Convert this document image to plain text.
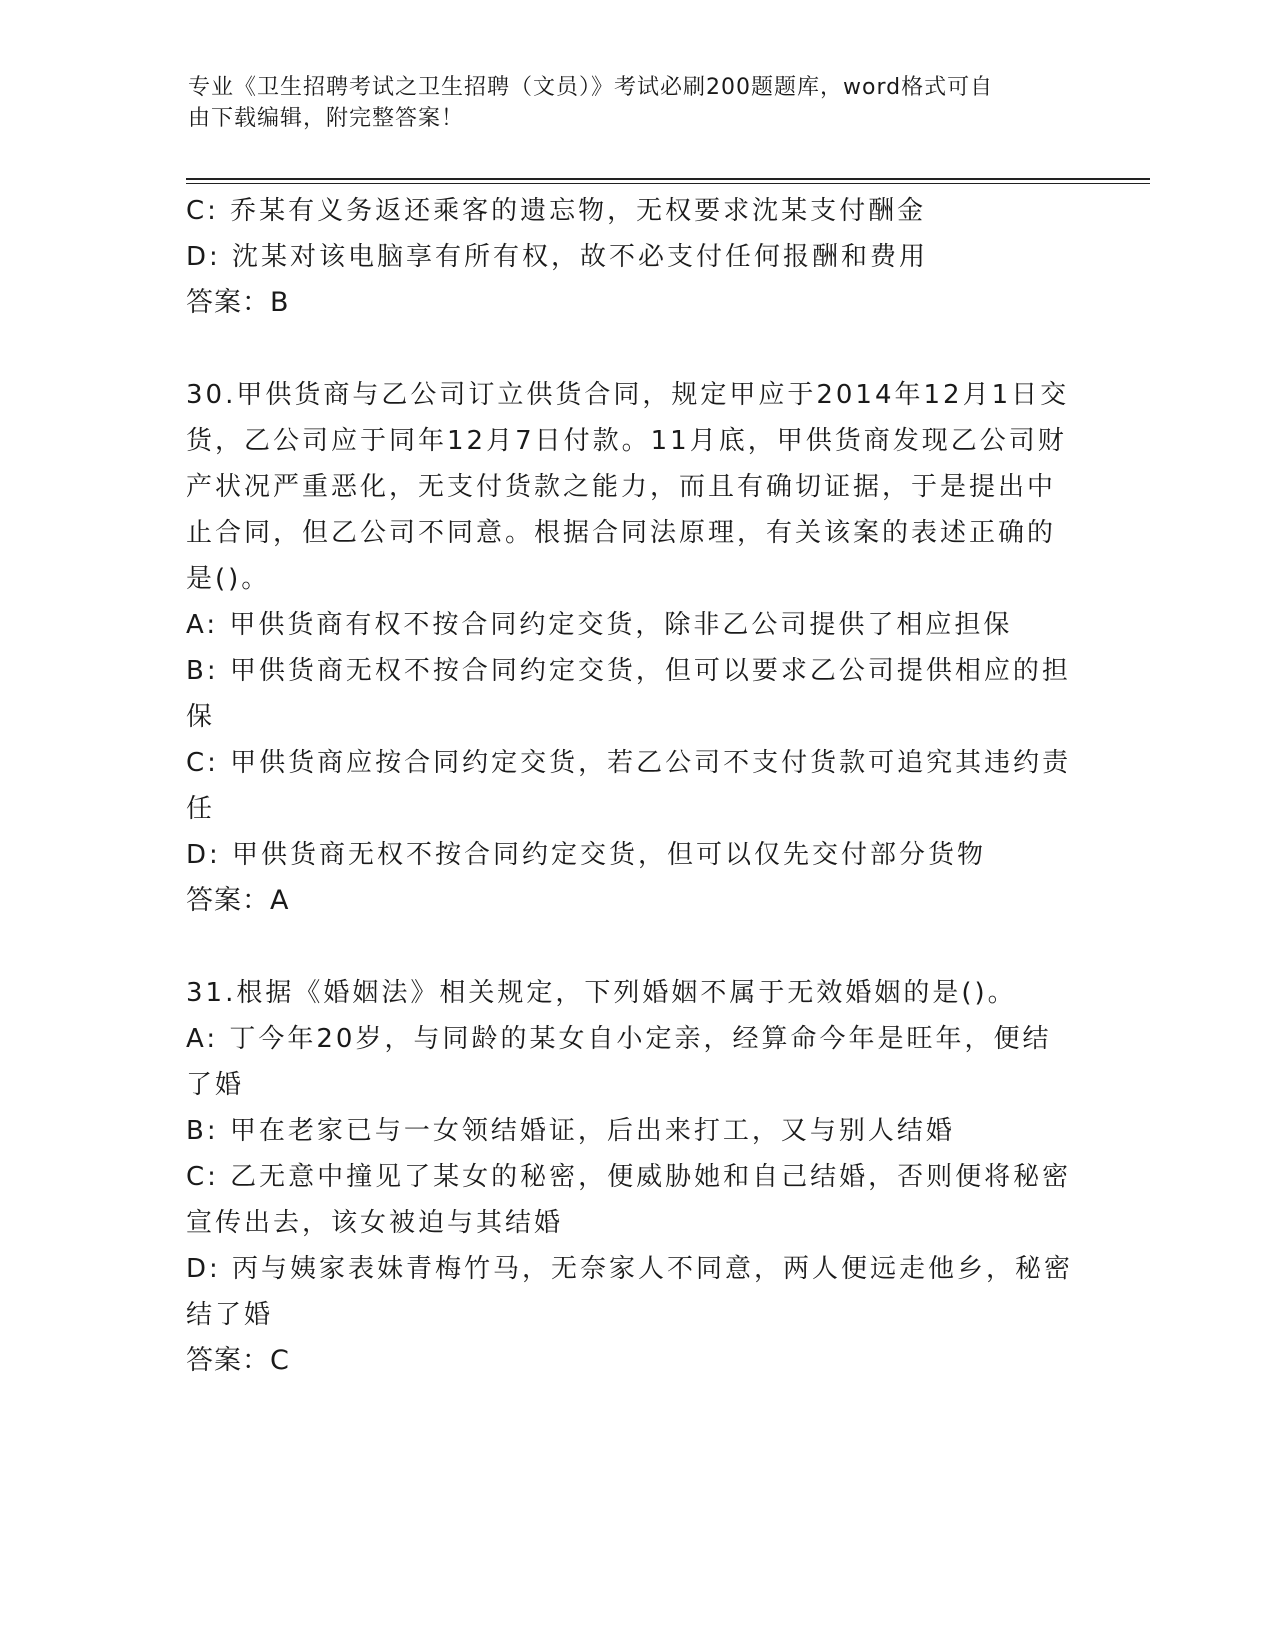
专业《卫生招聘考试之卫生招聘（文员）》考试必刷200题题库，word格式可自
由下载编辑，附完整答案！
C: 乔某有义务返还乘客的遗忘物，无权要求沈某支付酬金
D: 沈某对该电脑享有所有权，故不必支付任何报酬和费用
答案：B
30.甲供货商与乙公司订立供货合同，规定甲应于2014年12月1日交
货，乙公司应于同年12月7日付款。11月底，甲供货商发现乙公司财
产状况严重恶化，无支付货款之能力，而且有确切证据，于是提出中
止合同，但乙公司不同意。根据合同法原理，有关该案的表述正确的
是()。
A: 甲供货商有权不按合同约定交货，除非乙公司提供了相应担保
B: 甲供货商无权不按合同约定交货，但可以要求乙公司提供相应的担
保
C: 甲供货商应按合同约定交货，若乙公司不支付货款可追究其违约责
任
D: 甲供货商无权不按合同约定交货，但可以仅先交付部分货物
答案：A
31.根据《婚姻法》相关规定，下列婚姻不属于无效婚姻的是()。
A: 丁今年20岁，与同龄的某女自小定亲，经算命今年是旺年，便结
了婚
B: 甲在老家已与一女领结婚证，后出来打工，又与别人结婚
C: 乙无意中撞见了某女的秘密，便威胁她和自己结婚，否则便将秘密
宣传出去，该女被迫与其结婚
D: 丙与姨家表妹青梅竹马，无奈家人不同意，两人便远走他乡，秘密
结了婚
答案：C
